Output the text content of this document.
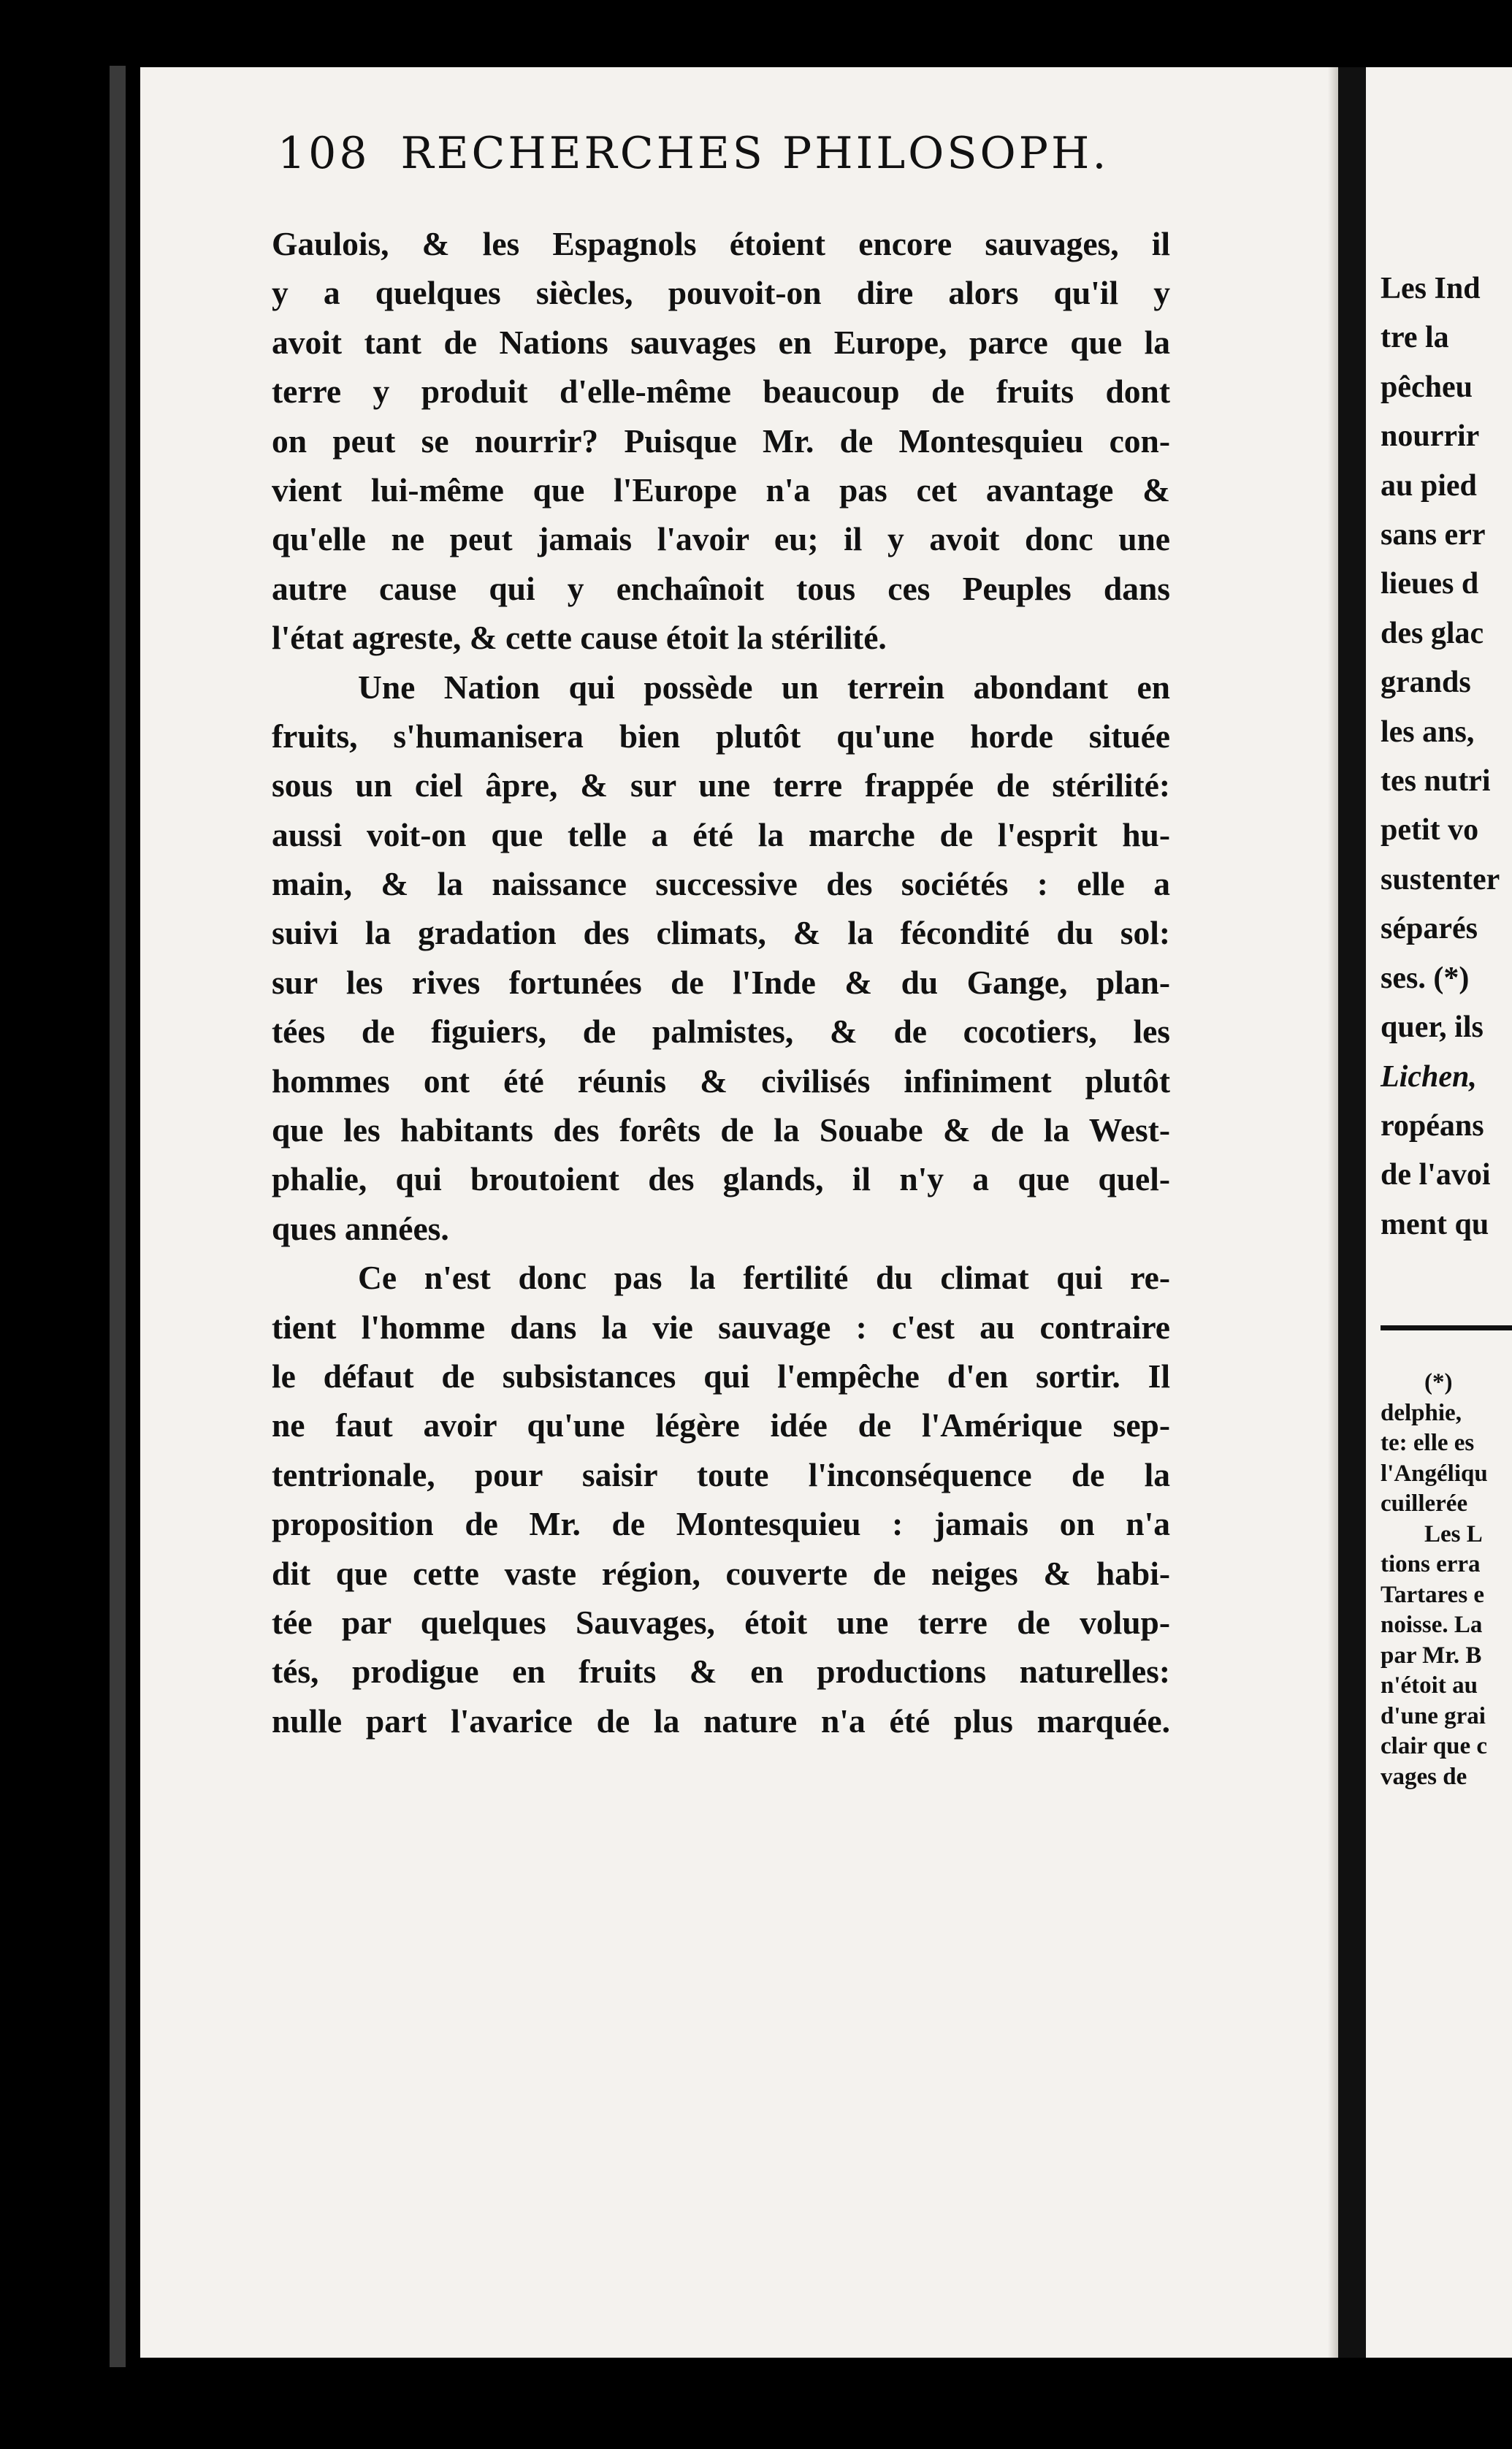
108 RECHERCHES PHILOSOPH.
Gaulois, & les Espagnols étoient encore sauvages, il
y a quelques siècles, pouvoit-on dire alors qu'il y
avoit tant de Nations sauvages en Europe, parce que la
terre y produit d'elle-même beaucoup de fruits dont
on peut se nourrir? Puisque Mr. de Montesquieu con-
vient lui-même que l'Europe n'a pas cet avantage &
qu'elle ne peut jamais l'avoir eu; il y avoit donc une
autre cause qui y enchaînoit tous ces Peuples dans
l'état agreste, & cette cause étoit la stérilité.
Une Nation qui possède un terrein abondant en
fruits, s'humanisera bien plutôt qu'une horde située
sous un ciel âpre, & sur une terre frappée de stérilité:
aussi voit-on que telle a été la marche de l'esprit hu-
main, & la naissance successive des sociétés : elle a
suivi la gradation des climats, & la fécondité du sol:
sur les rives fortunées de l'Inde & du Gange, plan-
tées de figuiers, de palmistes, & de cocotiers, les
hommes ont été réunis & civilisés infiniment plutôt
que les habitants des forêts de la Souabe & de la West-
phalie, qui broutoient des glands, il n'y a que quel-
ques années.
Ce n'est donc pas la fertilité du climat qui re-
tient l'homme dans la vie sauvage : c'est au contraire
le défaut de subsistances qui l'empêche d'en sortir. Il
ne faut avoir qu'une légère idée de l'Amérique sep-
tentrionale, pour saisir toute l'inconséquence de la
proposition de Mr. de Montesquieu : jamais on n'a
dit que cette vaste région, couverte de neiges & habi-
tée par quelques Sauvages, étoit une terre de volup-
tés, prodigue en fruits & en productions naturelles:
nulle part l'avarice de la nature n'a été plus marquée.
Les Ind
tre la
pêcheu
nourrir
au pied
sans err
lieues d
des glac
grands
les ans,
tes nutri
petit vo
sustenter
séparés
ses. (*)
quer, ils
Lichen,
ropéans
de l'avoi
ment qu
(*)
delphie,
te: elle es
l'Angéliqu
cuillerée
Les L
tions erra
Tartares e
noisse. La
par Mr. B
n'étoit au
d'une grai
clair que c
vages de
